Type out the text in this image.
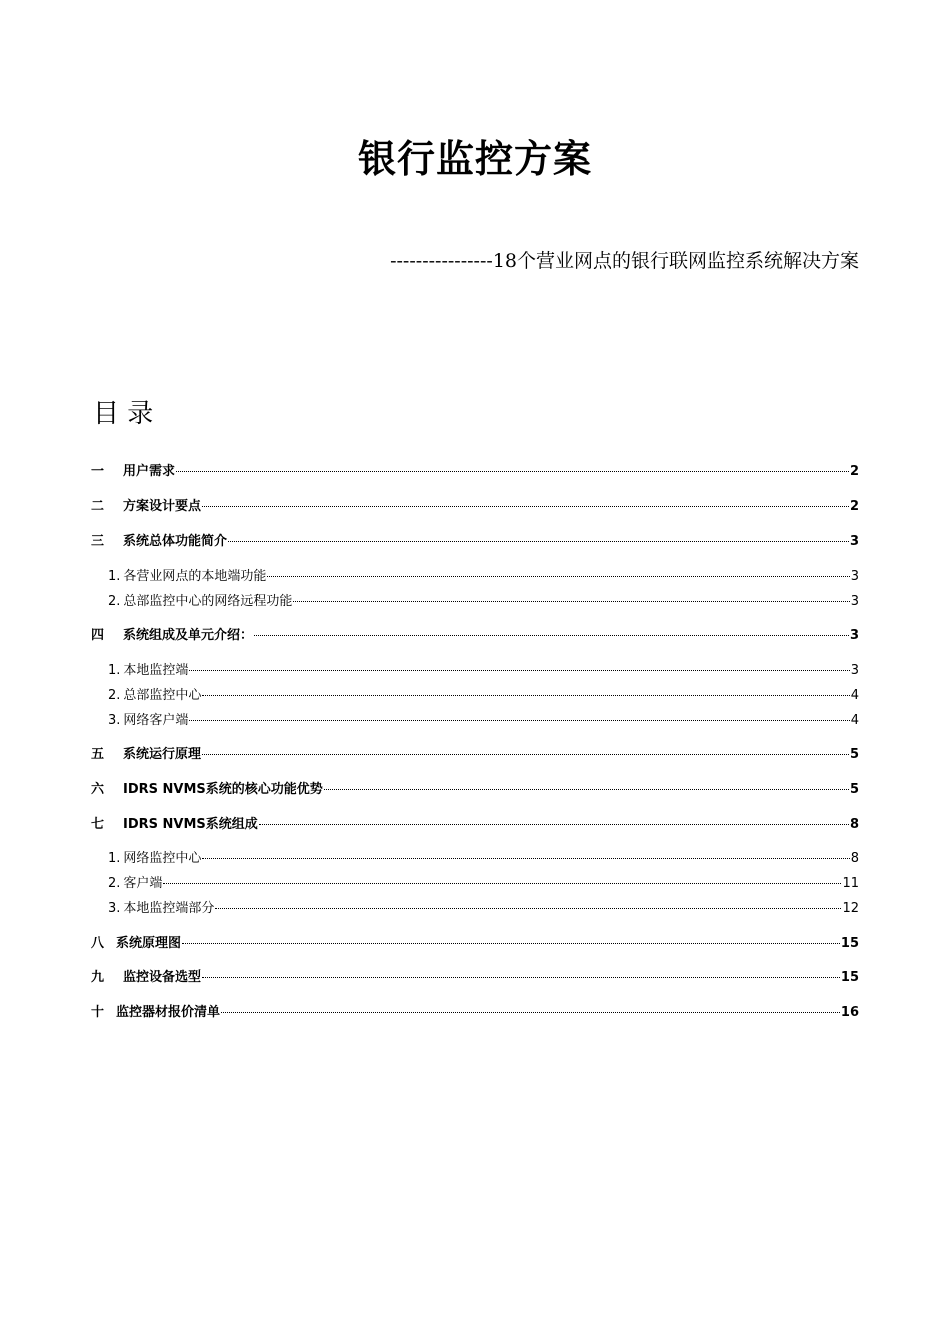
银行监控方案
----------------18个营业网点的银行联网监控系统解决方案
目 录
一	用户需求	2
二	方案设计要点	2
三	系统总体功能简介	3
1. 各营业网点的本地端功能	3
2. 总部监控中心的网络远程功能	3
四	系统组成及单元介绍：	3
1. 本地监控端	3
2. 总部监控中心	4
3. 网络客户端	4
五	系统运行原理	5
六	IDRS NVMS系统的核心功能优势	5
七	IDRS NVMS系统组成	8
1. 网络监控中心	8
2. 客户端	11
3. 本地监控端部分	12
八 系统原理图	15
九	监控设备选型	15
十 监控器材报价清单	16
